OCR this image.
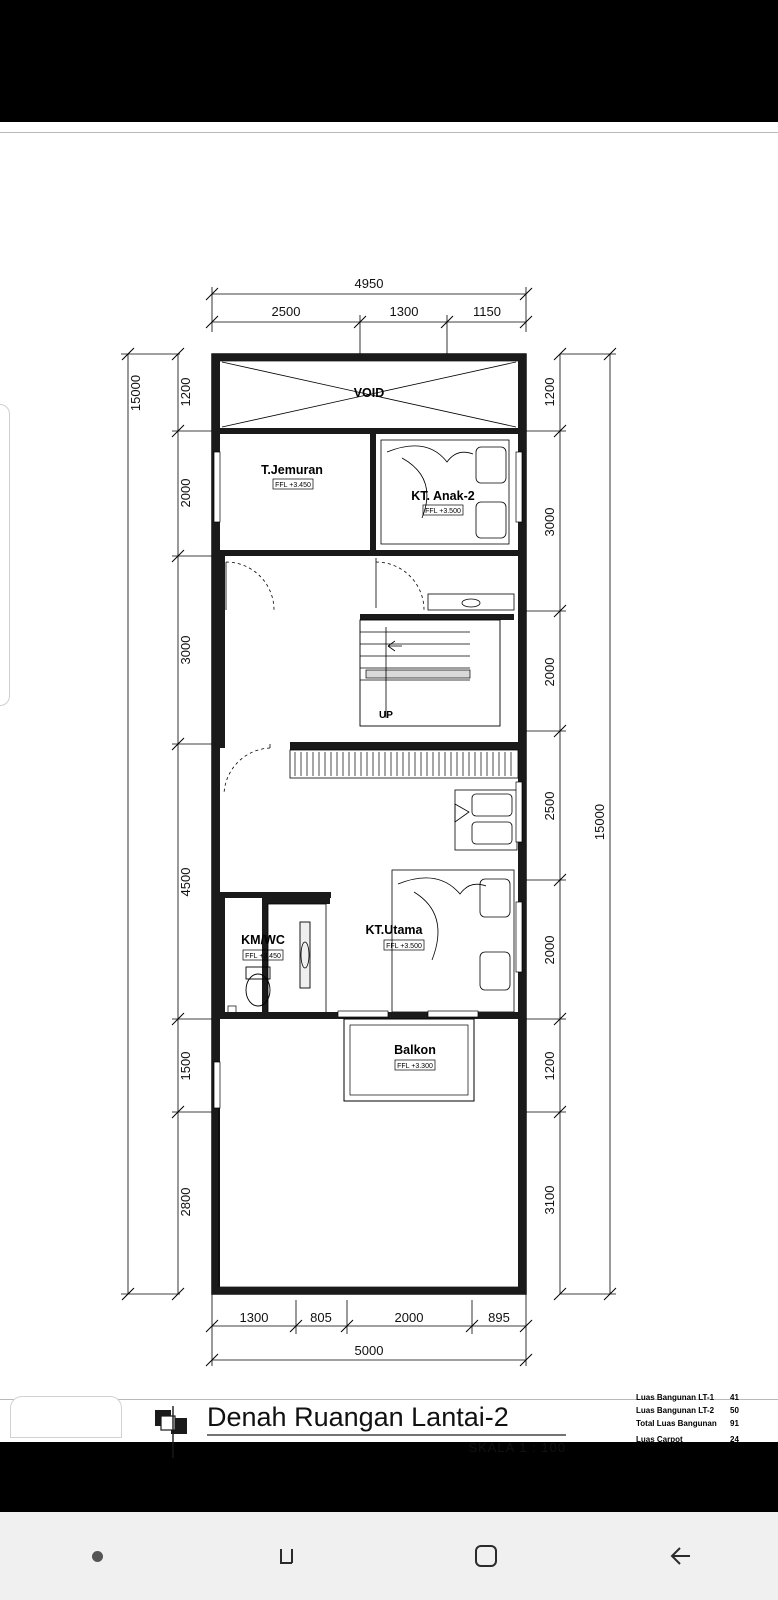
4950
2500	1300	1150
15000	1200
2000
3000
4500
1500
2800
15000
1200
3000
2000
2500
2000
1200
3100
1300	805	2000	895
5000
VOID
T.Jemuran
FFL +3.450
KT. Anak-2
FFL +3.500
KM/WC
FFL +3.450
KT.Utama
FFL +3.500
Balkon
FFL +3.300
UP
Denah Ruangan Lantai-2
SKALA 1 : 100
Luas Bangunan LT-1 41
Luas Bangunan LT-2 50
Total Luas Bangunan 91
Luas Carpot	24
Total Ke Seluruhan	115
